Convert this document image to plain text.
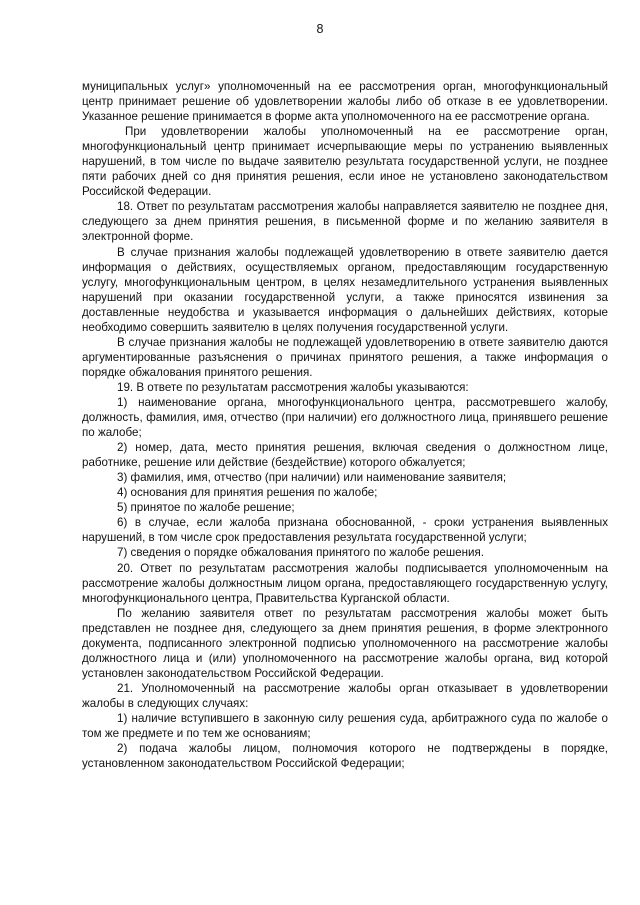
8

муниципальных услуг» уполномоченный на ее рассмотрения орган, многофункциональный центр принимает решение об удовлетворении жалобы либо об отказе в ее удовлетворении. Указанное решение принимается в форме акта уполномоченного на ее рассмотрение органа.

При удовлетворении жалобы уполномоченный на ее рассмотрение орган, многофункциональный центр принимает исчерпывающие меры по устранению выявленных нарушений, в том числе по выдаче заявителю результата государственной услуги, не позднее пяти рабочих дней со дня принятия решения, если иное не установлено законодательством Российской Федерации.

18. Ответ по результатам рассмотрения жалобы направляется заявителю не позднее дня, следующего за днем принятия решения, в письменной форме и по желанию заявителя в электронной форме.

В случае признания жалобы подлежащей удовлетворению в ответе заявителю дается информация о действиях, осуществляемых органом, предоставляющим государственную услугу, многофункциональным центром, в целях незамедлительного устранения выявленных нарушений при оказании государственной услуги, а также приносятся извинения за доставленные неудобства и указывается информация о дальнейших действиях, которые необходимо совершить заявителю в целях получения государственной услуги.

В случае признания жалобы не подлежащей удовлетворению в ответе заявителю даются аргументированные разъяснения о причинах принятого решения, а также информация о порядке обжалования принятого решения.

19. В ответе по результатам рассмотрения жалобы указываются:

1) наименование органа, многофункционального центра, рассмотревшего жалобу, должность, фамилия, имя, отчество (при наличии) его должностного лица, принявшего решение по жалобе;

2) номер, дата, место принятия решения, включая сведения о должностном лице, работнике, решение или действие (бездействие) которого обжалуется;

3) фамилия, имя, отчество (при наличии) или наименование заявителя;

4) основания для принятия решения по жалобе;

5) принятое по жалобе решение;

6) в случае, если жалоба признана обоснованной, - сроки устранения выявленных нарушений, в том числе срок предоставления результата государственной услуги;

7) сведения о порядке обжалования принятого по жалобе решения.

20. Ответ по результатам рассмотрения жалобы подписывается уполномоченным на рассмотрение жалобы должностным лицом органа, предоставляющего государственную услугу, многофункционального центра, Правительства Курганской области.

По желанию заявителя ответ по результатам рассмотрения жалобы может быть представлен не позднее дня, следующего за днем принятия решения, в форме электронного документа, подписанного электронной подписью уполномоченного на рассмотрение жалобы должностного лица и (или) уполномоченного на рассмотрение жалобы органа, вид которой установлен законодательством Российской Федерации.

21. Уполномоченный на рассмотрение жалобы орган отказывает в удовлетворении жалобы в следующих случаях:

1) наличие вступившего в законную силу решения суда, арбитражного суда по жалобе о том же предмете и по тем же основаниям;

2) подача жалобы лицом, полномочия которого не подтверждены в порядке, установленном законодательством Российской Федерации;
